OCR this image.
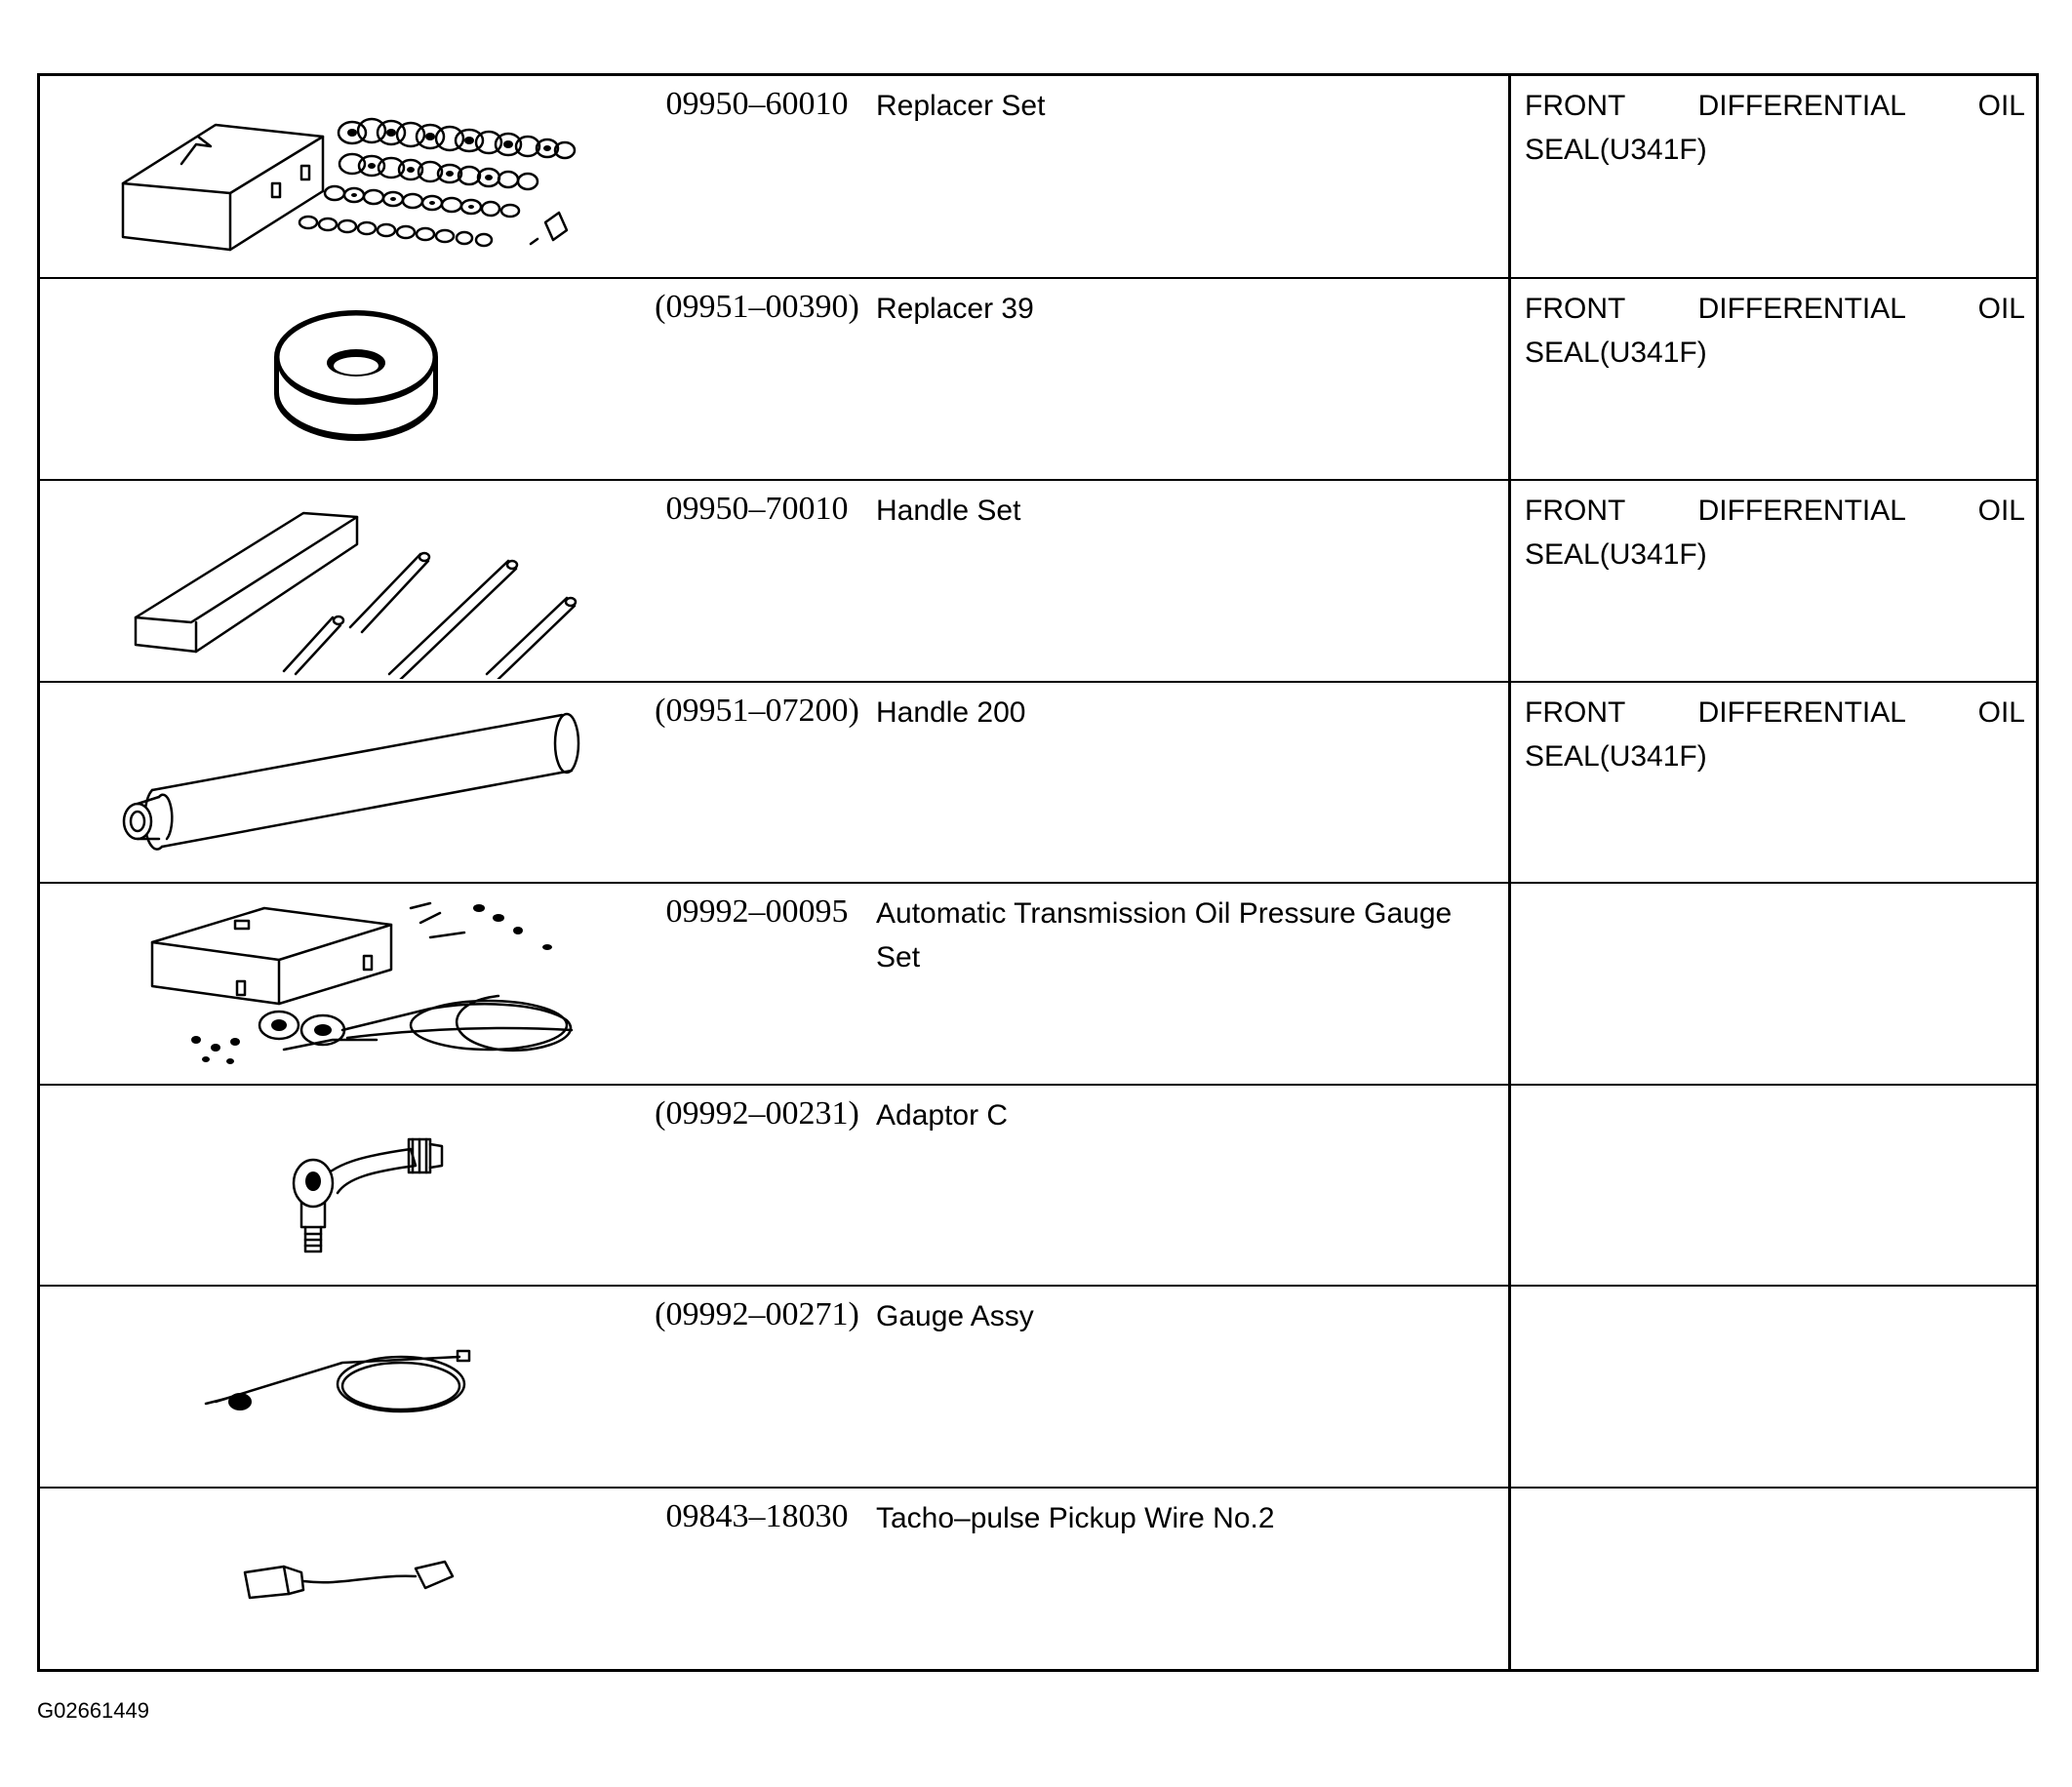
09950–60010 Replacer Set	FRONT DIFFERENTIAL OIL SEAL(U341F)
(09951–00390) Replacer 39	FRONT DIFFERENTIAL OIL SEAL(U341F)
09950–70010 Handle Set	FRONT DIFFERENTIAL OIL SEAL(U341F)
(09951–07200) Handle 200	FRONT DIFFERENTIAL OIL SEAL(U341F)
09992–00095 Automatic Transmission Oil Pressure Gauge Set
(09992–00231) Adaptor C
(09992–00271) Gauge Assy
09843–18030 Tacho–pulse Pickup Wire No.2
G02661449
